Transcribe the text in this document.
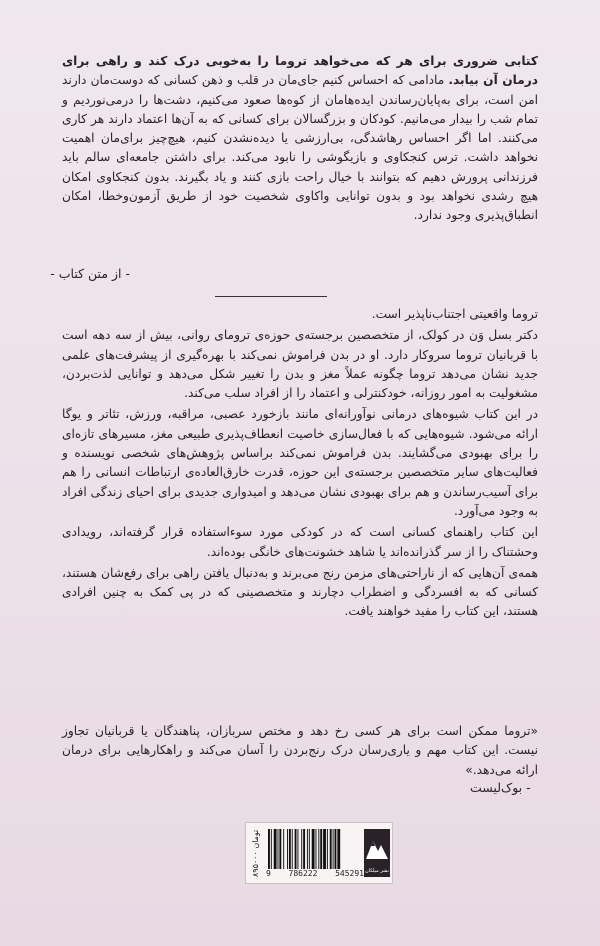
کتابی ضروری برای هر که می‌خواهد تروما را به‌خوبی درک کند و راهی برای درمان آن بیابد. مادامی که احساس کنیم جای‌مان در قلب و ذهن کسانی که دوست‌مان دارند امن است، برای به‌پایان‌رساندن ایده‌هامان از کوه‌ها صعود می‌کنیم، دشت‌ها را درمی‌نوردیم و تمام شب را بیدار می‌مانیم. کودکان و بزرگسالان برای کسانی که به آن‌ها اعتماد دارند هر کاری می‌کنند. اما اگر احساس رهاشدگی، بی‌ارزشی یا دیده‌نشدن کنیم، هیچ‌چیز برای‌مان اهمیت نخواهد داشت. ترس کنجکاوی و بازیگوشی را نابود می‌کند. برای داشتن جامعه‌ای سالم باید فرزندانی پرورش دهیم که بتوانند با خیال راحت بازی کنند و یاد بگیرند. بدون کنجکاوی امکان هیچ رشدی نخواهد بود و بدون توانایی واکاوی شخصیت خود از طریق آزمون‌وخطا، امکان انطباق‌پذیری وجود ندارد.

- از متن کتاب -

تروما واقعیتی اجتناب‌ناپذیر است.

دکتر بسل وَن در کولک، از متخصصین برجسته‌ی حوزه‌ی ترومای روانی، بیش از سه دهه است با قربانیان تروما سروکار دارد. او در بدن فراموش نمی‌کند با بهره‌گیری از پیشرفت‌های علمی جدید نشان می‌دهد تروما چگونه عملاً مغز و بدن را تغییر شکل می‌دهد و توانایی لذت‌بردن، مشغولیت به امور روزانه، خودکنترلی و اعتماد را از افراد سلب می‌کند.

در این کتاب شیوه‌های درمانی نوآورانه‌ای مانند بازخورد عصبی، مراقبه، ورزش، تئاتر و یوگا ارائه می‌شود. شیوه‌هایی که با فعال‌سازی خاصیت انعطاف‌پذیری طبیعی مغز، مسیرهای تازه‌ای را برای بهبودی می‌گشایند. بدن فراموش نمی‌کند براساس پژوهش‌های شخصی نویسنده و فعالیت‌های سایر متخصصین برجسته‌ی این حوزه، قدرت خارق‌العاده‌ی ارتباطات انسانی را هم برای آسیب‌رساندن و هم برای بهبودی نشان می‌دهد و امیدواری جدیدی برای احیای زندگی افراد به وجود می‌آورد.

این کتاب راهنمای کسانی است که در کودکی مورد سوءاستفاده قرار گرفته‌اند، رویدادی وحشتناک را از سر گذرانده‌اند یا شاهد خشونت‌های خانگی بوده‌اند.

همه‌ی آن‌هایی که از ناراحتی‌های مزمن رنج می‌برند و به‌دنبال یافتن راهی برای رفع‌شان هستند، کسانی که به افسردگی و اضطراب دچارند و متخصصینی که در پی کمک به چنین افرادی هستند، این کتاب را مفید خواهند یافت.

«تروما ممکن است برای هر کسی رخ دهد و مختص سربازان، پناهندگان یا قربانیان تجاوز نیست. این کتاب مهم و یاری‌رسان درک رنج‌بردن را آسان می‌کند و راهکارهایی برای درمان ارائه می‌دهد.»

- بوک‌لیست
۸۹۵۰۰۰ تومان
9 786222 545291 نشر میلکان
